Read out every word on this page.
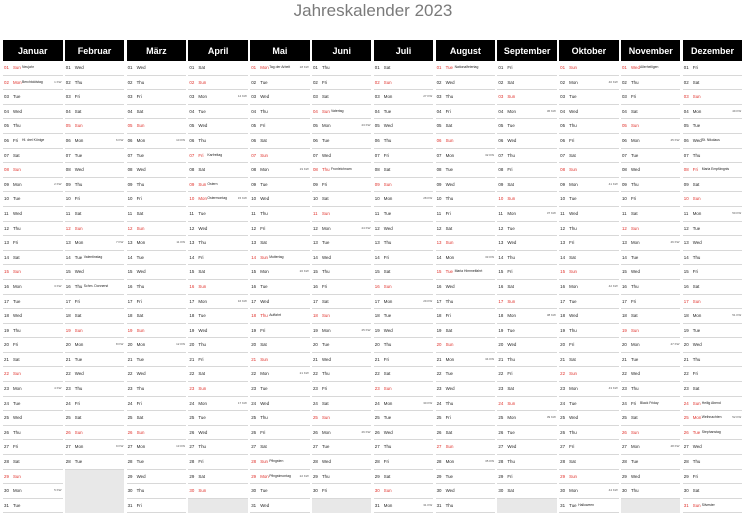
Jahreskalender 2023
Januar
01 Sun Neujahr
02 Mon Berchtoldstag	1 KW
03 Tue
04 Wed
05 Thu
06 Fri Hl. drei Könige
07 Sat
08 Sun
09 Mon	2 KW
10 Tue
11	Wed
12 Thu
13 Fri
14 Sat
15 Sun
16 Mon	3 KW
17 Tue
18 Wed
19 Thu
20 Fri
21 Sat
22 Sun
23 Mon	4 KW
24 Tue
25 Wed
26 Thu
27 Fri
28 Sat
29 Sun
30 Mon	5 KW
31 Tue
Februar
01 Wed
02 Thu
03 Fri
04 Sat
05 Sun
06 Mon	6 KW
07 Tue
08 Wed
09 Thu
10 Fri
11	Sat
12 Sun
13 Mon	7 KW
14 Tue Valentinstag
15 Wed
16 Thu Schm. Donnerst
17 Fri
18 Sat
19 Sun
20 Mon	8 KW
21 Tue
22 Wed
23 Thu
24 Fri
25 Sat
26 Sun
27 Mon	9 KW
28 Tue
März
01 Wed
02 Thu
03 Fri
04 Sat
05 Sun
06 Mon	10 KW
07 Tue
08 Wed
09 Thu
10 Fri
11	Sat
12 Sun
13 Mon	11 KW
14 Tue
15 Wed
16 Thu
17 Fri
18 Sat
19 Sun
20 Mon	12 KW
21 Tue
22 Wed
23 Thu
24 Fri
25 Sat
26 Sun
27 Mon	13 KW
28 Tue
29 Wed
30 Thu
31 Fri
April
01 Sat
02 Sun
03 Mon	14 KW
04 Tue
05 Wed
06 Thu
07 Fri Karfreitag
08 Sat
09 Sun Ostern
10 Mon Ostermontag	15 KW
11	Tue
12 Wed
13 Thu
14 Fri
15 Sat
16 Sun
17 Mon	16 KW
18 Tue
19 Wed
20 Thu
21 Fri
22 Sat
23 Sun
24 Mon	17 KW
25 Tue
26 Wed
27 Thu
28 Fri
29 Sat
30 Sun
Mai
01 Mon Tag der Arbeit	18 KW
02 Tue
03 Wed
04 Thu
05 Fri
06 Sat
07 Sun
08 Mon	19 KW
09 Tue
10 Wed
11	Thu
12 Fri
13 Sat
14 Sun Muttertag
15 Mon	20 KW
16 Tue
17 Wed
18 Thu Auffahrt
19 Fri
20 Sat
21 Sun
22 Mon	21 KW
23 Tue
24 Wed
25 Thu
26 Fri
27 Sat
28 Sun Pfingsten
29 Mon Pfingstmontag	22 KW
30 Tue
31 Wed
Juni
01 Thu
02 Fri
03 Sat
04 Sun Vatertag
05 Mon	23 KW
06 Tue
07 Wed
08 Thu Fronleichnam
09 Fri
10 Sat
11	Sun
12 Mon	24 KW
13 Tue
14 Wed
15 Thu
16 Fri
17 Sat
18 Sun
19 Mon	25 KW
20 Tue
21 Wed
22 Thu
23 Fri
24 Sat
25 Sun
26 Mon	26 KW
27 Tue
28 Wed
29 Thu
30 Fri
Juli
01 Sat
02 Sun
03 Mon	27 KW
04 Tue
05 Wed
06 Thu
07 Fri
08 Sat
09 Sun
10 Mon	28 KW
11	Tue
12 Wed
13 Thu
14 Fri
15 Sat
16 Sun
17 Mon	29 KW
18 Tue
19 Wed
20 Thu
21 Fri
22 Sat
23 Sun
24 Mon	30 KW
25 Tue
26 Wed
27 Thu
28 Fri
29 Sat
30 Sun
31 Mon	31 KW
August
01 Tue Nationalfeiertag
02 Wed
03 Thu
04 Fri
05 Sat
06 Sun
07 Mon	32 KW
08 Tue
09 Wed
10 Thu
11	Fri
12 Sat
13 Sun
14 Mon	33 KW
15 Tue Maria Himmelfahrt
16 Wed
17 Thu
18 Fri
19 Sat
20 Sun
21 Mon	34 KW
22 Tue
23 Wed
24 Thu
25 Fri
26 Sat
27 Sun
28 Mon	35 KW
29 Tue
30 Wed
31 Thu
September
01 Fri
02 Sat
03 Sun
04 Mon	36 KW
05 Tue
06 Wed
07 Thu
08 Fri
09 Sat
10 Sun
11	Mon	37 KW
12 Tue
13 Wed
14 Thu
15 Fri
16 Sat
17 Sun
18 Mon	38 KW
19 Tue
20 Wed
21 Thu
22 Fri
23 Sat
24 Sun
25 Mon	39 KW
26 Tue
27 Wed
28 Thu
29 Fri
30 Sat
Oktober
01 Sun
02 Mon	40 KW
03 Tue
04 Wed
05 Thu
06 Fri
07 Sat
08 Sun
09 Mon	41 KW
10 Tue
11	Wed
12 Thu
13 Fri
14 Sat
15 Sun
16 Mon	42 KW
17 Tue
18 Wed
19 Thu
20 Fri
21 Sat
22 Sun
23 Mon	43 KW
24 Tue
25 Wed
26 Thu
27 Fri
28 Sat
29 Sun
30 Mon	44 KW
31 Tue Halloween
November
01 Wed Allerheiligen
02 Thu
03 Fri
04 Sat
05 Sun
06 Mon	45 KW
07 Tue
08 Wed
09 Thu
10 Fri
11	Sat
12 Sun
13 Mon	46 KW
14 Tue
15 Wed
16 Thu
17 Fri
18 Sat
19 Sun
20 Mon	47 KW
21 Tue
22 Wed
23 Thu
24 Fri Black Friday
25 Sat
26 Sun
27 Mon	48 KW
28 Tue
29 Wed
30 Thu
Dezember
01 Fri
02 Sat
03 Sun
04 Mon	49 KW
05 Tue
06 Wed St. Nikolaus
07 Thu
08 Fri Maria Empfängnis
09 Sat
10 Sun
11	Mon	50 KW
12 Tue
13 Wed
14 Thu
15 Fri
16 Sat
17 Sun
18 Mon	51 KW
19 Tue
20 Wed
21 Thu
22 Fri
23 Sat
24 Sun Heilig Abend
25 Mon Weihnachten	52 KW
26 Tue Stephanstag
27 Wed
28 Thu
29 Fri
30 Sat
31 Sun Silvester
